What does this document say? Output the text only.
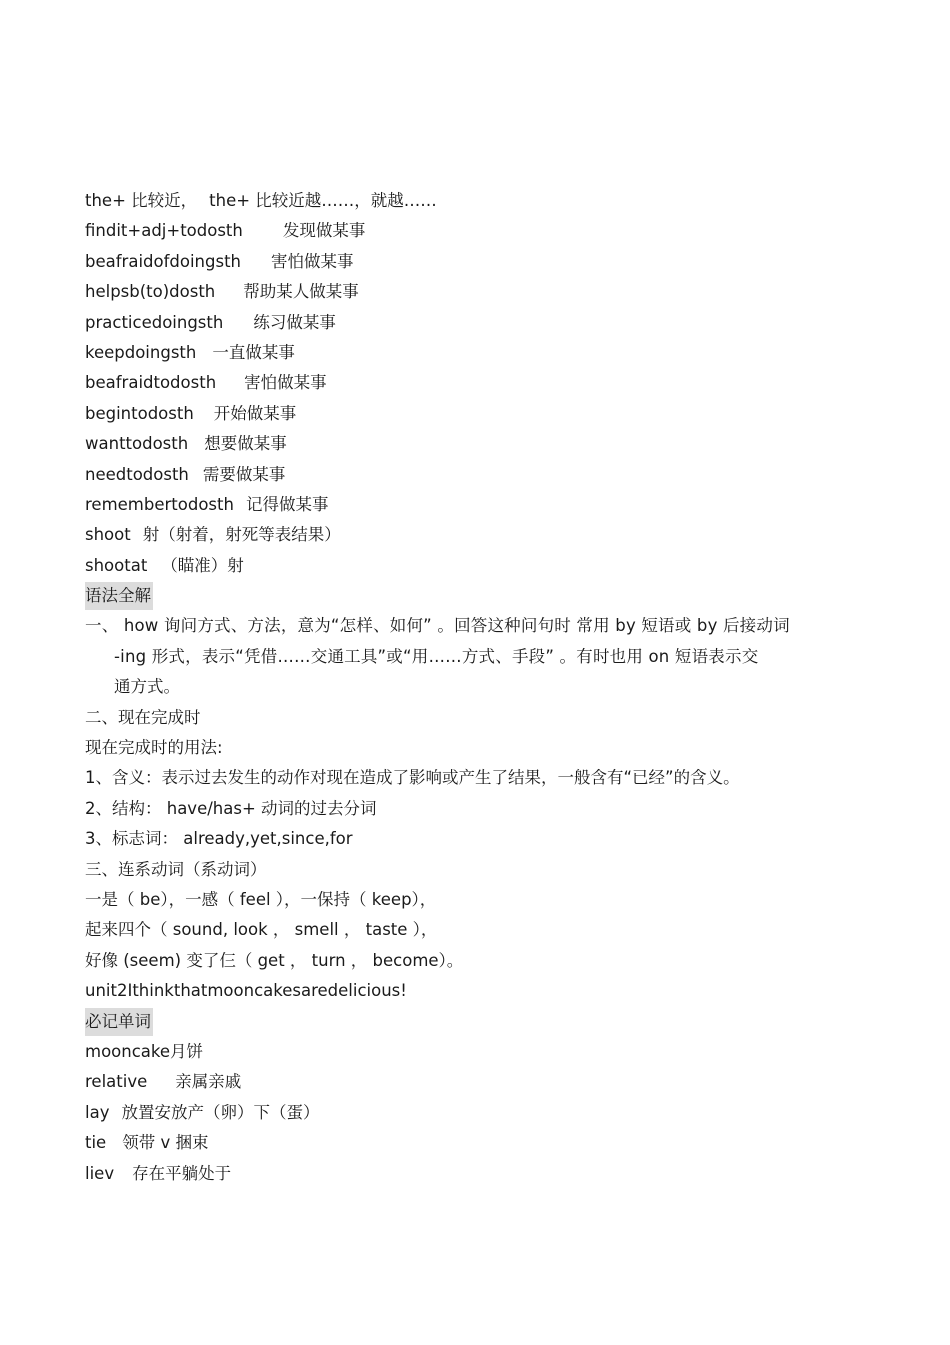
the+ 比较近， the+ 比较近越……，就越……
findit+adj+todosth 发现做某事
beafraidofdoingsth 害怕做某事
helpsb(to)dosth 帮助某人做某事
practicedoingsth 练习做某事
keepdoingsth 一直做某事
beafraidtodosth 害怕做某事
begintodosth 开始做某事
wanttodosth 想要做某事
needtodosth 需要做某事
remembertodosth 记得做某事
shoot 射（射着，射死等表结果）
shootat （瞄准）射
语法全解
一、 how 询问方式、方法，意为“怎样、如何” 。回答这种问句时 常用 by 短语或 by 后接动词
-ing 形式，表示“凭借……交通工具”或“用……方式、手段” 。有时也用 on 短语表示交
通方式。
二、现在完成时
现在完成时的用法:
1、含义：表示过去发生的动作对现在造成了影响或产生了结果，一般含有“已经”的含义。
2、结构： have/has+ 动词的过去分词
3、标志词： already,yet,since,for
三、连系动词（系动词）
一是（ be），一感（ feel ），一保持（ keep），
起来四个（ sound, look ， smell ， taste ），
好像 (seem) 变了仨（ get ， turn ， become）。
unit2Ithinkthatmooncakesaredelicious!
必记单词
mooncake月饼
relative 亲属亲戚
lay 放置安放产（卵）下（蛋）
tie 领带 v 捆束
liev 存在平躺处于
